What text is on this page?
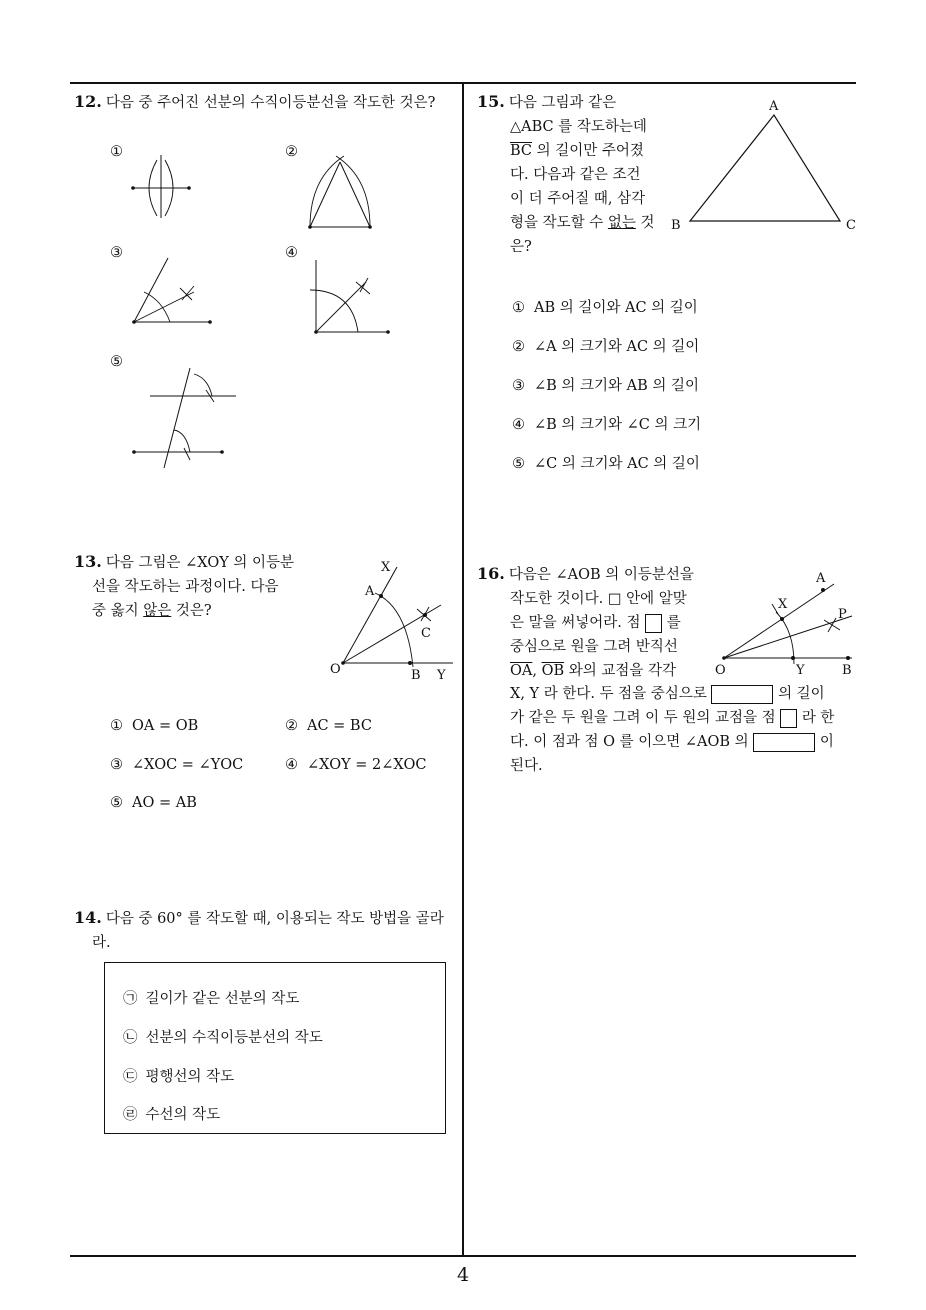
4
12. 다음 중 주어진 선분의 수직이등분선을 작도한 것은?
①	②
③	④
⑤
13. 다음 그림은 ∠XOY 의 이등분
선을 작도하는 과정이다. 다음
중 옳지 않은 것은?
X
A
C
O	B Y
① OA = OB	② AC = BC
③ ∠XOC = ∠YOC	④ ∠XOY = 2∠XOC
⑤ AO = AB
14. 다음 중 60° 를 작도할 때, 이용되는 작도 방법을 골라
라.
㉠ 길이가 같은 선분의 작도
㉡ 선분의 수직이등분선의 작도
㉢ 평행선의 작도
㉣ 수선의 작도
15. 다음 그림과 같은
△ABC 를 작도하는데
$\overline{BC}$ 의 길이만 주어졌
다. 다음과 같은 조건
이 더 주어질 때, 삼각
형을 작도할 수 없는 것
은?
A
B	C
① AB 의 길이와 AC 의 길이
② ∠A 의 크기와 AC 의 길이
③ ∠B 의 크기와 AB 의 길이
④ ∠B 의 크기와 ∠C 의 크기
⑤ ∠C 의 크기와 AC 의 길이
16. 다음은 ∠AOB 의 이등분선을
작도한 것이다. □ 안에 알맞
은 말을 써넣어라. 점 를
중심으로 원을 그려 반직선
$\overline{OA}$, $\overline{OB}$ 와의 교점을 각각
X, Y 라 한다. 두 점을 중심으로	의 길이
가 같은 두 원을 그려 이 두 원의 교점을 점 라 한
다. 이 점과 점 O 를 이으면 ∠AOB 의	이
된다.
A
X
P
O	Y	B
